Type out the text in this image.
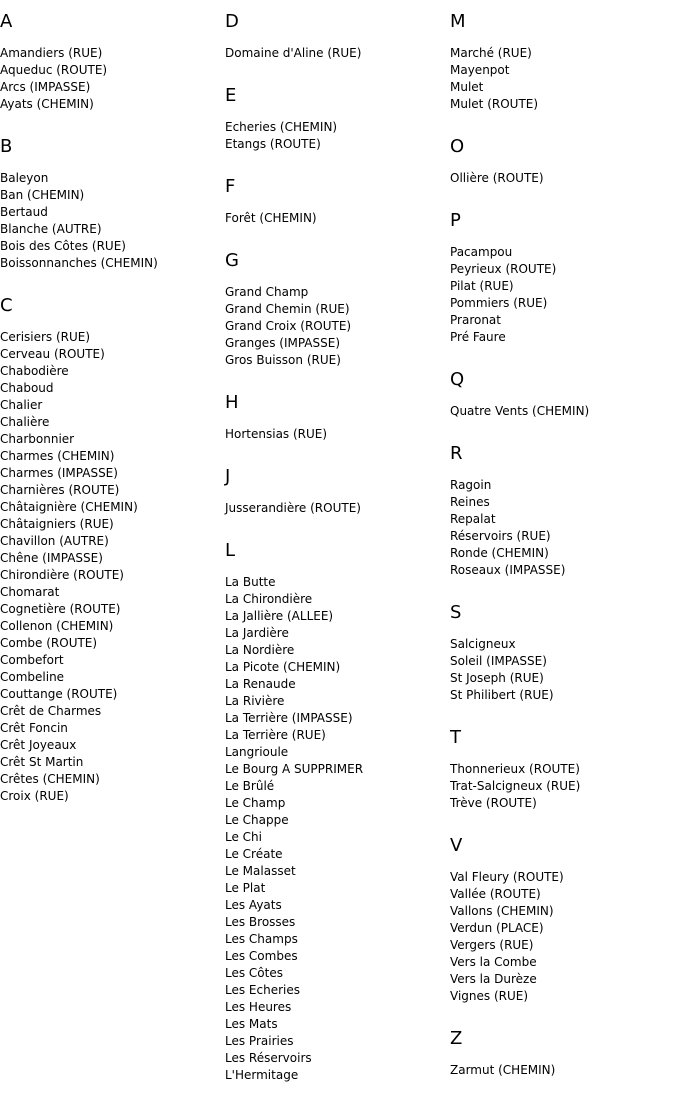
A
Amandiers (RUE)
Aqueduc (ROUTE)
Arcs (IMPASSE)
Ayats (CHEMIN)
B
Baleyon
Ban (CHEMIN)
Bertaud
Blanche (AUTRE)
Bois des Côtes (RUE)
Boissonnanches (CHEMIN)
C
Cerisiers (RUE)
Cerveau (ROUTE)
Chabodière
Chaboud
Chalier
Chalière
Charbonnier
Charmes (CHEMIN)
Charmes (IMPASSE)
Charnières (ROUTE)
Châtaignière (CHEMIN)
Châtaigniers (RUE)
Chavillon (AUTRE)
Chêne (IMPASSE)
Chirondière (ROUTE)
Chomarat
Cognetière (ROUTE)
Collenon (CHEMIN)
Combe (ROUTE)
Combefort
Combeline
Couttange (ROUTE)
Crêt de Charmes
Crêt Foncin
Crêt Joyeaux
Crêt St Martin
Crêtes (CHEMIN)
Croix (RUE)
D
Domaine d'Aline (RUE)
E
Echeries (CHEMIN)
Etangs (ROUTE)
F
Forêt (CHEMIN)
G
Grand Champ
Grand Chemin (RUE)
Grand Croix (ROUTE)
Granges (IMPASSE)
Gros Buisson (RUE)
H
Hortensias (RUE)
J
Jusserandière (ROUTE)
L
La Butte
La Chirondière
La Jallière (ALLEE)
La Jardière
La Nordière
La Picote (CHEMIN)
La Renaude
La Rivière
La Terrière (IMPASSE)
La Terrière (RUE)
Langrioule
Le Bourg A SUPPRIMER
Le Brûlé
Le Champ
Le Chappe
Le Chi
Le Créate
Le Malasset
Le Plat
Les Ayats
Les Brosses
Les Champs
Les Combes
Les Côtes
Les Echeries
Les Heures
Les Mats
Les Prairies
Les Réservoirs
L'Hermitage
M
Marché (RUE)
Mayenpot
Mulet
Mulet (ROUTE)
O
Ollière (ROUTE)
P
Pacampou
Peyrieux (ROUTE)
Pilat (RUE)
Pommiers (RUE)
Praronat
Pré Faure
Q
Quatre Vents (CHEMIN)
R
Ragoin
Reines
Repalat
Réservoirs (RUE)
Ronde (CHEMIN)
Roseaux (IMPASSE)
S
Salcigneux
Soleil (IMPASSE)
St Joseph (RUE)
St Philibert (RUE)
T
Thonnerieux (ROUTE)
Trat-Salcigneux (RUE)
Trève (ROUTE)
V
Val Fleury (ROUTE)
Vallée (ROUTE)
Vallons (CHEMIN)
Verdun (PLACE)
Vergers (RUE)
Vers la Combe
Vers la Durèze
Vignes (RUE)
Z
Zarmut (CHEMIN)
